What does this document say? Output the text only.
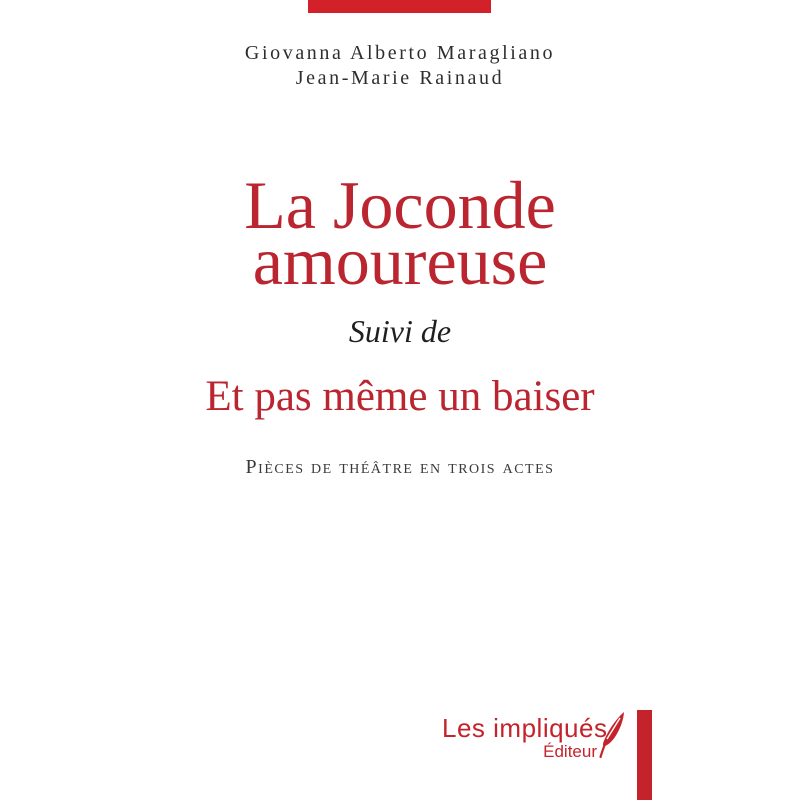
Giovanna Alberto Maragliano
Jean-Marie Rainaud
La Joconde
amoureuse
Suivi de
Et pas même un baiser
Pièces de théâtre en trois actes
Les impliqués
Éditeur
